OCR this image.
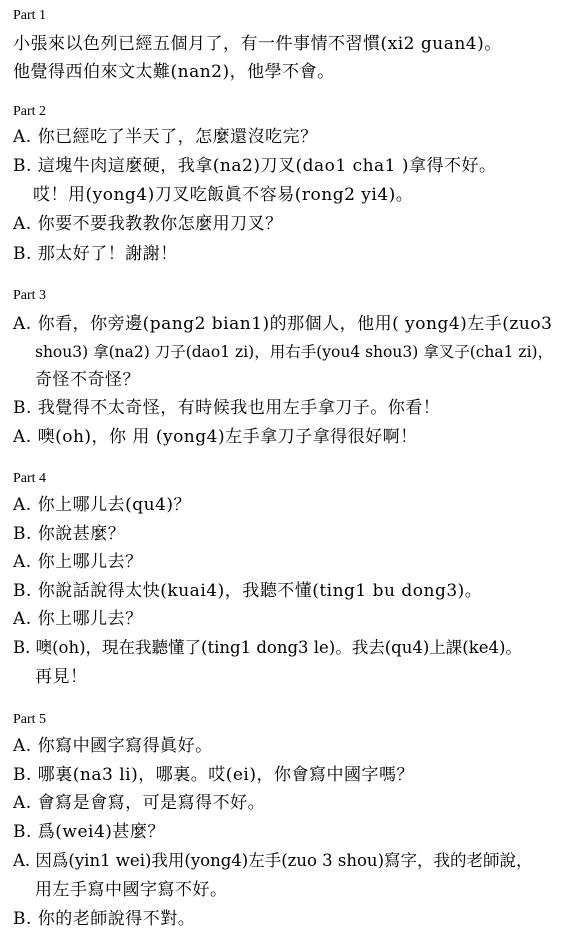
Part 1
小張來以色列已經五個月了，有一件事情不習慣(xi2 guan4)。
他覺得西伯來文太難(nan2)，他學不會。
Part 2
A. 你已經吃了半天了，怎麼還沒吃完？
B. 這塊牛肉這麼硬，我拿(na2)刀叉(dao1 cha1 )拿得不好。
哎！用(yong4)刀叉吃飯眞不容易(rong2 yi4)。
A. 你要不要我教教你怎麼用刀叉？
B. 那太好了！謝謝！
Part 3
A. 你看，你旁邊(pang2 bian1)的那個人，他用( yong4)左手(zuo3
shou3) 拿(na2) 刀子(dao1 zi)，用右手(you4 shou3) 拿叉子(cha1 zi)，
奇怪不奇怪？
B. 我覺得不太奇怪，有時候我也用左手拿刀子。你看！
A. 噢(oh)，你 用 (yong4)左手拿刀子拿得很好啊！
Part 4
A. 你上哪儿去(qu4)？
B. 你說甚麼？
A. 你上哪儿去？
B. 你說話說得太快(kuai4)，我聽不懂(ting1 bu dong3)。
A. 你上哪儿去？
B. 噢(oh)，現在我聽懂了(ting1 dong3 le)。我去(qu4)上課(ke4)。
再見！
Part 5
A. 你寫中國字寫得眞好。
B. 哪裏(na3 li)，哪裏。哎(ei)，你會寫中國字嗎？
A. 會寫是會寫，可是寫得不好。
B. 爲(wei4)甚麼？
A. 因爲(yin1 wei)我用(yong4)左手(zuo 3 shou)寫字，我的老師說，
用左手寫中國字寫不好。
B. 你的老師說得不對。
